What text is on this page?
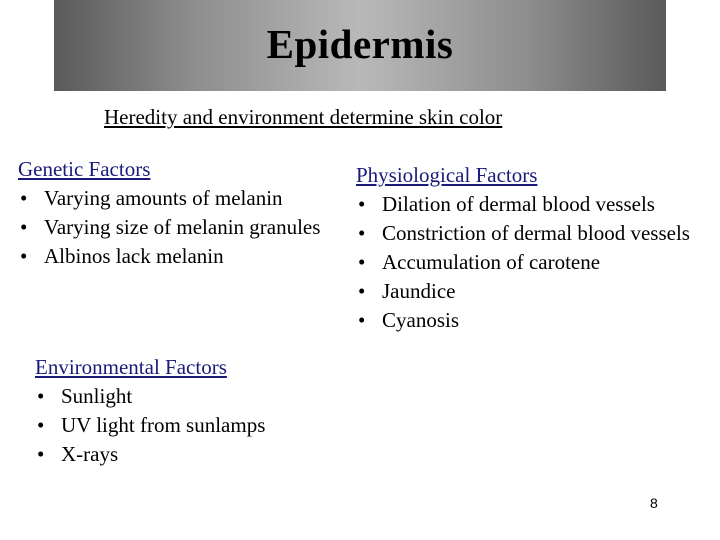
Epidermis
Heredity and environment determine skin color
Genetic Factors
• Varying amounts of melanin
• Varying size of melanin granules
• Albinos lack melanin
Environmental Factors
• Sunlight
• UV light from sunlamps
• X-rays
Physiological Factors
• Dilation of dermal blood vessels
• Constriction of dermal blood vessels
• Accumulation of carotene
• Jaundice
• Cyanosis
8
